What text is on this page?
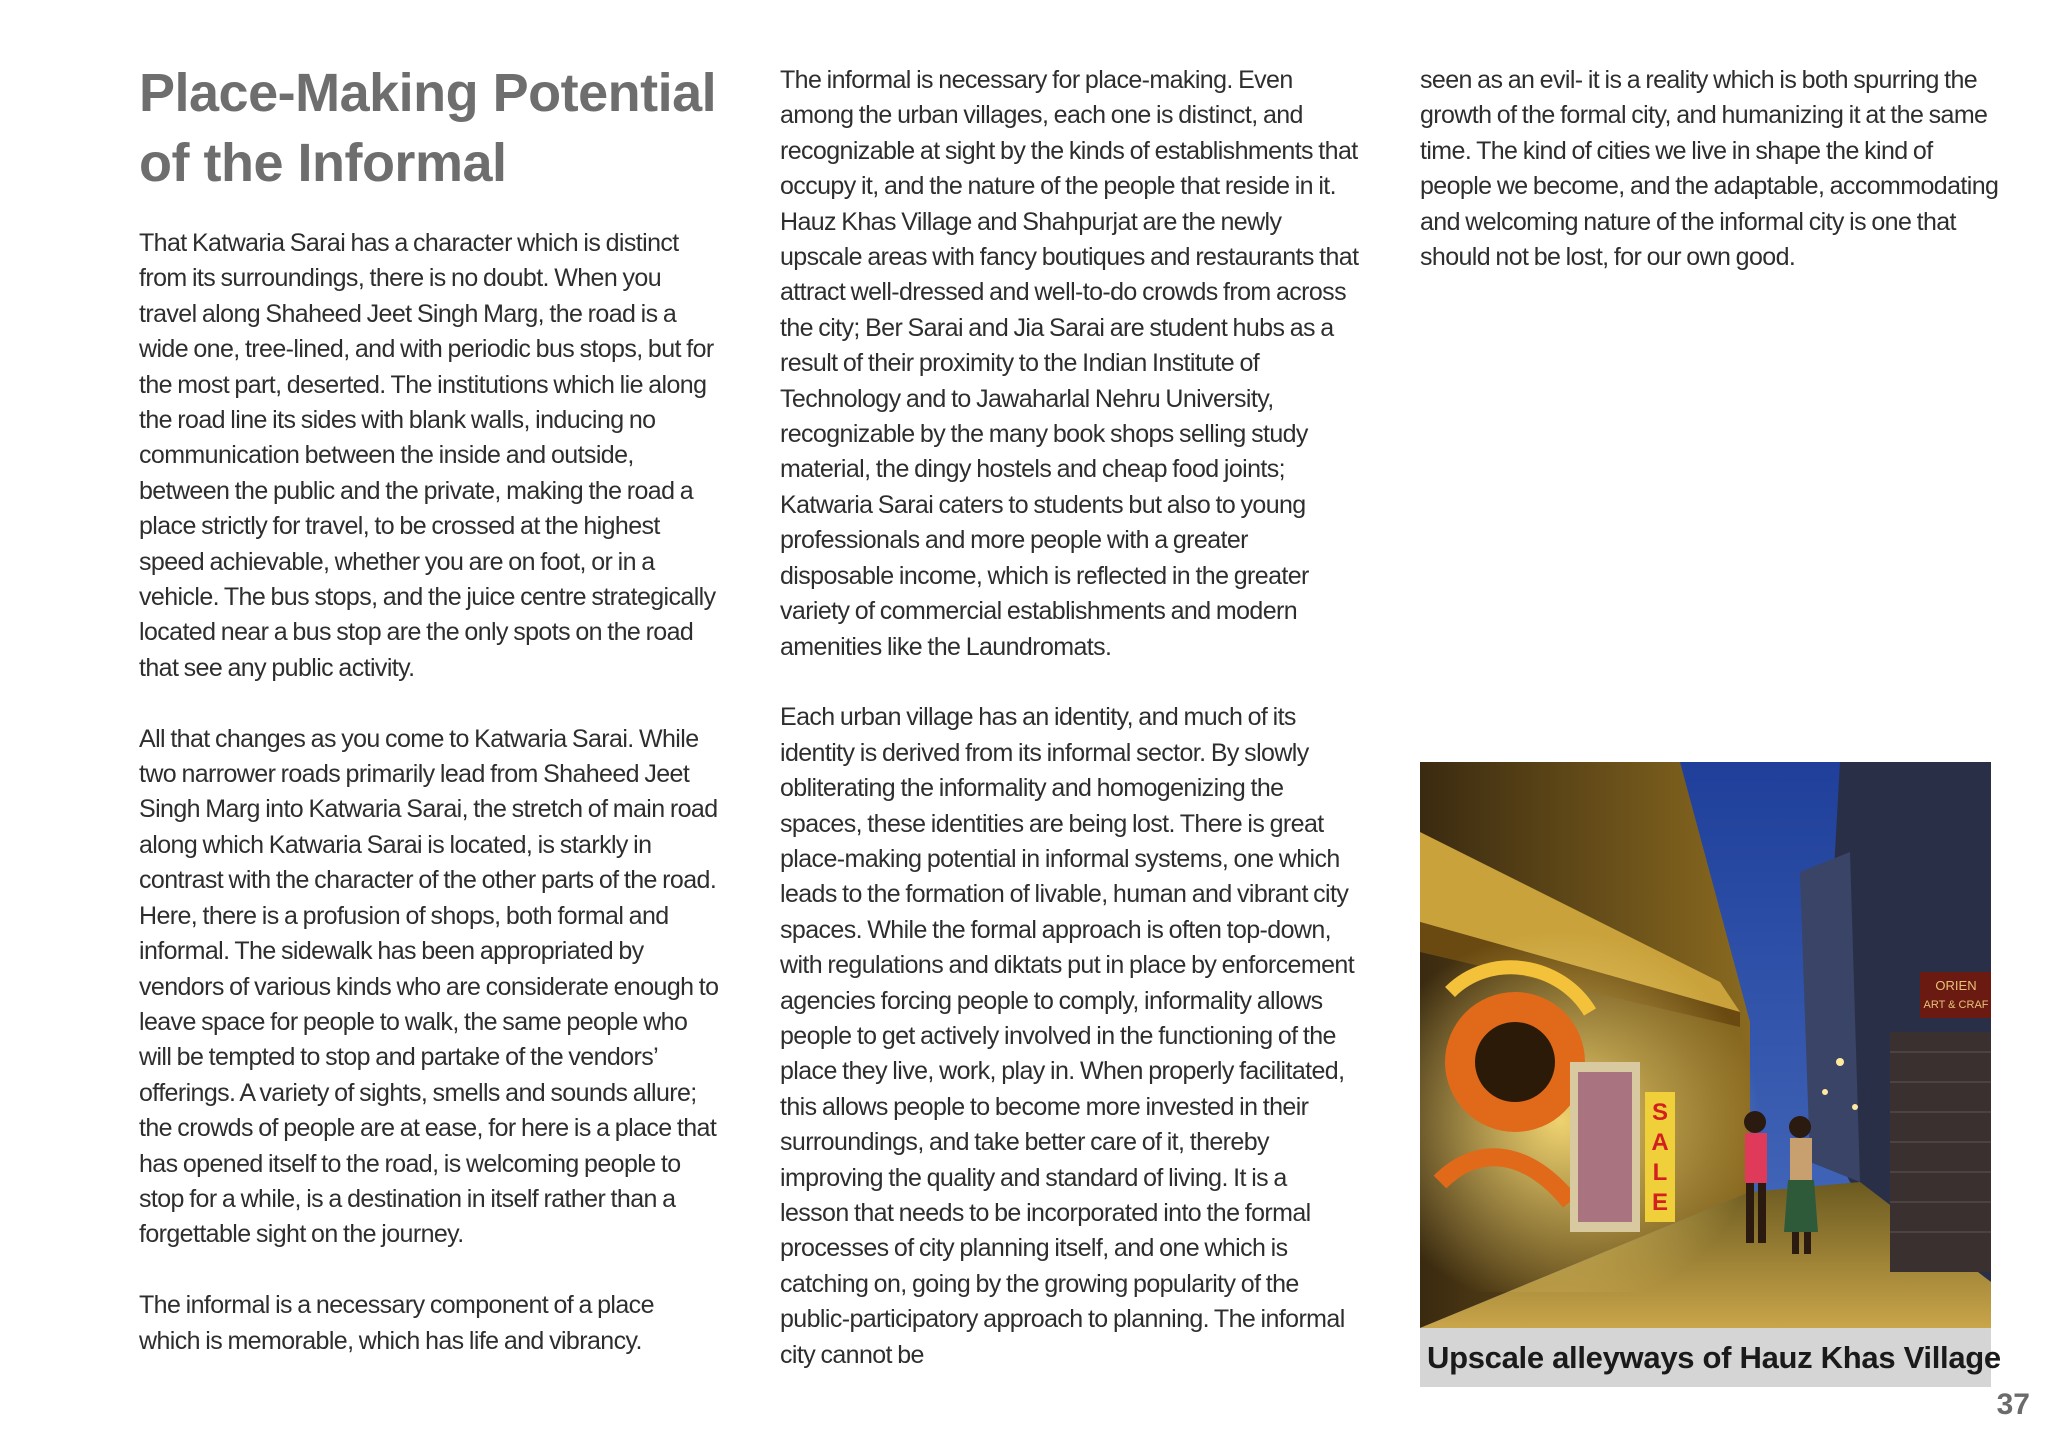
Place-Making Potential of the Informal

That Katwaria Sarai has a character which is distinct from its surroundings, there is no doubt. When you travel along Shaheed Jeet Singh Marg, the road is a wide one, tree-lined, and with periodic bus stops, but for the most part, deserted. The institutions which lie along the road line its sides with blank walls, inducing no communication between the inside and outside, between the public and the private, making the road a place strictly for travel, to be crossed at the highest speed achievable, whether you are on foot, or in a vehicle. The bus stops, and the juice centre strategically located near a bus stop are the only spots on the road that see any public activity.

All that changes as you come to Katwaria Sarai. While two narrower roads primarily lead from Shaheed Jeet Singh Marg into Katwaria Sarai, the stretch of main road along which Katwaria Sarai is located, is starkly in contrast with the character of the other parts of the road. Here, there is a profusion of shops, both formal and informal. The sidewalk has been appropriated by vendors of various kinds who are considerate enough to leave space for people to walk, the same people who will be tempted to stop and partake of the vendors’ offerings. A variety of sights, smells and sounds allure; the crowds of people are at ease, for here is a place that has opened itself to the road, is welcoming people to stop for a while, is a destination in itself rather than a forgettable sight on the journey.

The informal is a necessary component of a place which is memorable, which has life and vibrancy.

The informal is necessary for place-making. Even among the urban villages, each one is distinct, and recognizable at sight by the kinds of establishments that occupy it, and the nature of the people that reside in it. Hauz Khas Village and Shahpurjat are the newly upscale areas with fancy boutiques and restaurants that attract well-dressed and well-to-do crowds from across the city; Ber Sarai and Jia Sarai are student hubs as a result of their proximity to the Indian Institute of Technology and to Jawaharlal Nehru University, recognizable by the many book shops selling study material, the dingy hostels and cheap food joints; Katwaria Sarai caters to students but also to young professionals and more people with a greater disposable income, which is reflected in the greater variety of commercial establishments and modern amenities like the Laundromats.

Each urban village has an identity, and much of its identity is derived from its informal sector. By slowly obliterating the informality and homogenizing the spaces, these identities are being lost. There is great place-making potential in informal systems, one which leads to the formation of livable, human and vibrant city spaces. While the formal approach is often top-down, with regulations and diktats put in place by enforcement agencies forcing people to comply, informality allows people to get actively involved in the functioning of the place they live, work, play in. When properly facilitated, this allows people to become more invested in their surroundings, and take better care of it, thereby improving the quality and standard of living. It is a lesson that needs to be incorporated into the formal processes of city planning itself, and one which is catching on, going by the growing popularity of the public-participatory approach to planning. The informal city cannot be

seen as an evil- it is a reality which is both spurring the growth of the formal city, and humanizing it at the same time. The kind of cities we live in shape the kind of people we become, and the adaptable, accommodating and welcoming nature of the informal city is one that should not be lost, for our own good.

S
A
L
E
ORIEN
ART & CRAF
Upscale alleyways of Hauz Khas Village
37
